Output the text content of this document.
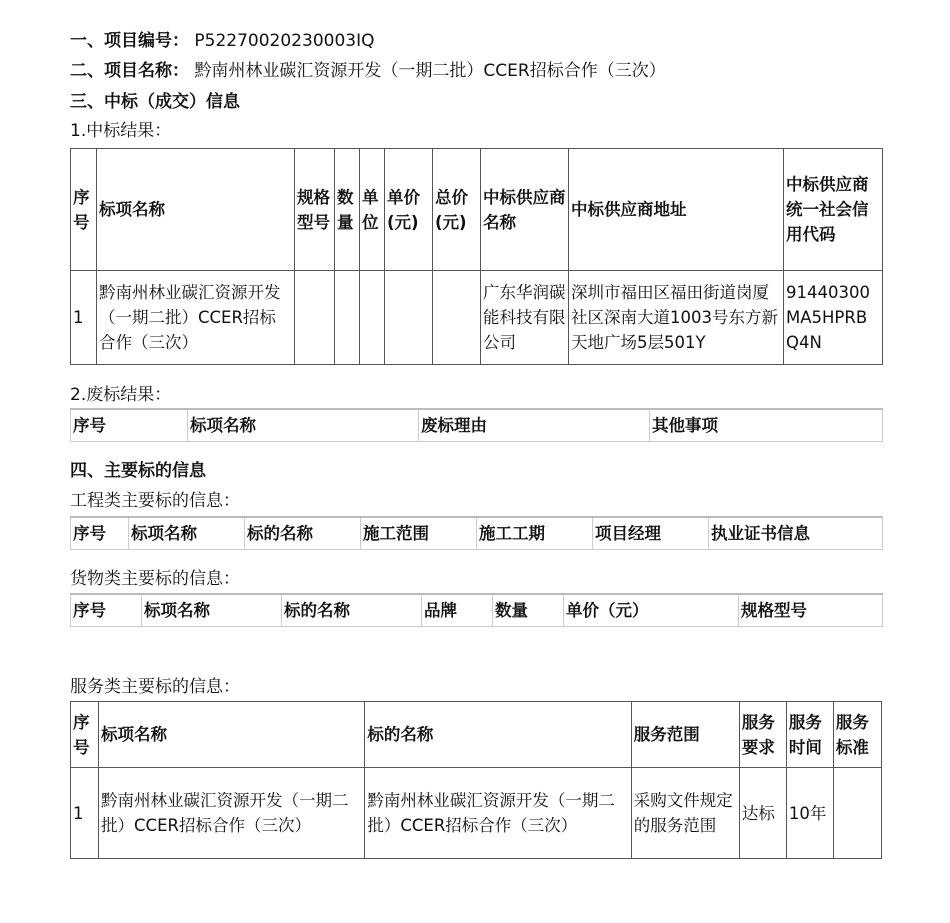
一、项目编号： P52270020230003IQ
二、项目名称： 黔南州林业碳汇资源开发（一期二批）CCER招标合作（三次）
三、中标（成交）信息
1.中标结果：
序号	标项名称	规格型号	数量	单位	单价(元)	总价(元)	中标供应商名称	中标供应商地址	中标供应商统一社会信用代码
1	黔南州林业碳汇资源开发（一期二批）CCER招标合作（三次）						广东华润碳能科技有限公司	深圳市福田区福田街道岗厦社区深南大道1003号东方新天地广场5层501Y	91440300MA5HPRBQ4N
2.废标结果：
序号	标项名称	废标理由	其他事项
四、主要标的信息
工程类主要标的信息：
序号	标项名称	标的名称	施工范围	施工工期	项目经理	执业证书信息
货物类主要标的信息：
序号	标项名称	标的名称	品牌	数量	单价（元）	规格型号
服务类主要标的信息：
序号	标项名称	标的名称	服务范围	服务要求	服务时间	服务标准
1	黔南州林业碳汇资源开发（一期二批）CCER招标合作（三次）	黔南州林业碳汇资源开发（一期二批）CCER招标合作（三次）	采购文件规定的服务范围	达标	10年	
